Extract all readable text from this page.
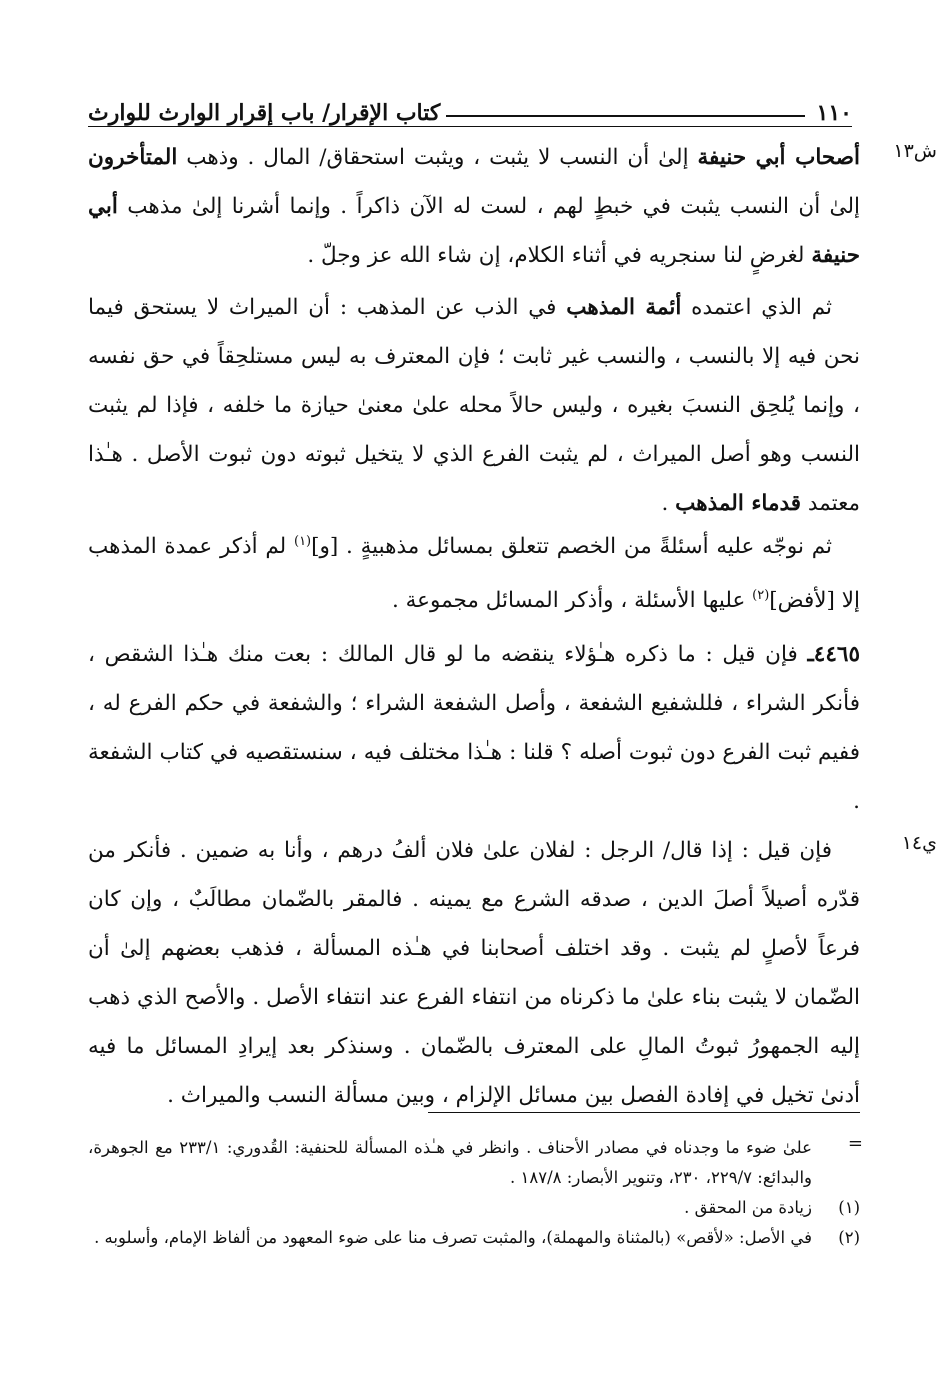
١١٠
كتاب الإقرار/ باب إقرار الوارث للوارث
ش١٣
ي١٤

أصحاب أبي حنيفة إلىٰ أن النسب لا يثبت ، ويثبت استحقاق/ المال . وذهب المتأخرون إلىٰ أن النسب يثبت في خبطٍ لهم ، لست له الآن ذاكراً . وإنما أشرنا إلىٰ مذهب أبي حنيفة لغرضٍ لنا سنجريه في أثناء الكلام، إن شاء الله عز وجلّ .

ثم الذي اعتمده أئمة المذهب في الذب عن المذهب : أن الميراث لا يستحق فيما نحن فيه إلا بالنسب ، والنسب غير ثابت ؛ فإن المعترف به ليس مستلحِقاً في حق نفسه ، وإنما يُلحِق النسبَ بغيره ، وليس حالاً محله علىٰ معنىٰ حيازة ما خلفه ، فإذا لم يثبت النسب وهو أصل الميراث ، لم يثبت الفرع الذي لا يتخيل ثبوته دون ثبوت الأصل . هـٰذا معتمد قدماء المذهب .

ثم نوجّه عليه أسئلةً من الخصم تتعلق بمسائل مذهبيةٍ . [و]$^{(١)}$ لم أذكر عمدة المذهب إلا [لأفض]$^{(٢)}$ عليها الأسئلة ، وأذكر المسائل مجموعة .

٤٤٦٥ـ فإن قيل : ما ذكره هـٰؤلاء ينقضه ما لو قال المالك : بعت منك هـٰذا الشقص ، فأنكر الشراء ، فللشفيع الشفعة ، وأصل الشفعة الشراء ؛ والشفعة في حكم الفرع له ، ففيم ثبت الفرع دون ثبوت أصله ؟ قلنا : هـٰذا مختلف فيه ، سنستقصيه في كتاب الشفعة .

فإن قيل : إذا قال/ الرجل : لفلان علىٰ فلان ألفُ درهم ، وأنا به ضمين . فأنكر من قدّره أصيلاً أصلَ الدين ، صدقه الشرع مع يمينه . فالمقر بالضّمان مطالَبٌ ، وإن كان فرعاً لأصلٍ لم يثبت . وقد اختلف أصحابنا في هـٰذه المسألة ، فذهب بعضهم إلىٰ أن الضّمان لا يثبت بناء علىٰ ما ذكرناه من انتفاء الفرع عند انتفاء الأصل . والأصح الذي ذهب إليه الجمهورُ ثبوتُ المالِ على المعترف بالضّمان . وسنذكر بعد إيرادِ المسائل ما فيه أدنىٰ تخيل في إفادة الفصل بين مسائل الإلزام ، وبين مسألة النسب والميراث .

=
علىٰ ضوء ما وجدناه في مصادر الأحناف . وانظر في هـٰذه المسألة للحنفية: القُدوري: ٢٣٣/١ مع الجوهرة، والبدائع: ٢٢٩/٧، ٢٣٠، وتنوير الأبصار: ١٨٧/٨ .
(١)
زيادة من المحقق .
(٢)
في الأصل: «لأقص» (بالمثناة والمهملة)، والمثبت تصرف منا على ضوء المعهود من ألفاظ الإمام، وأسلوبه .
